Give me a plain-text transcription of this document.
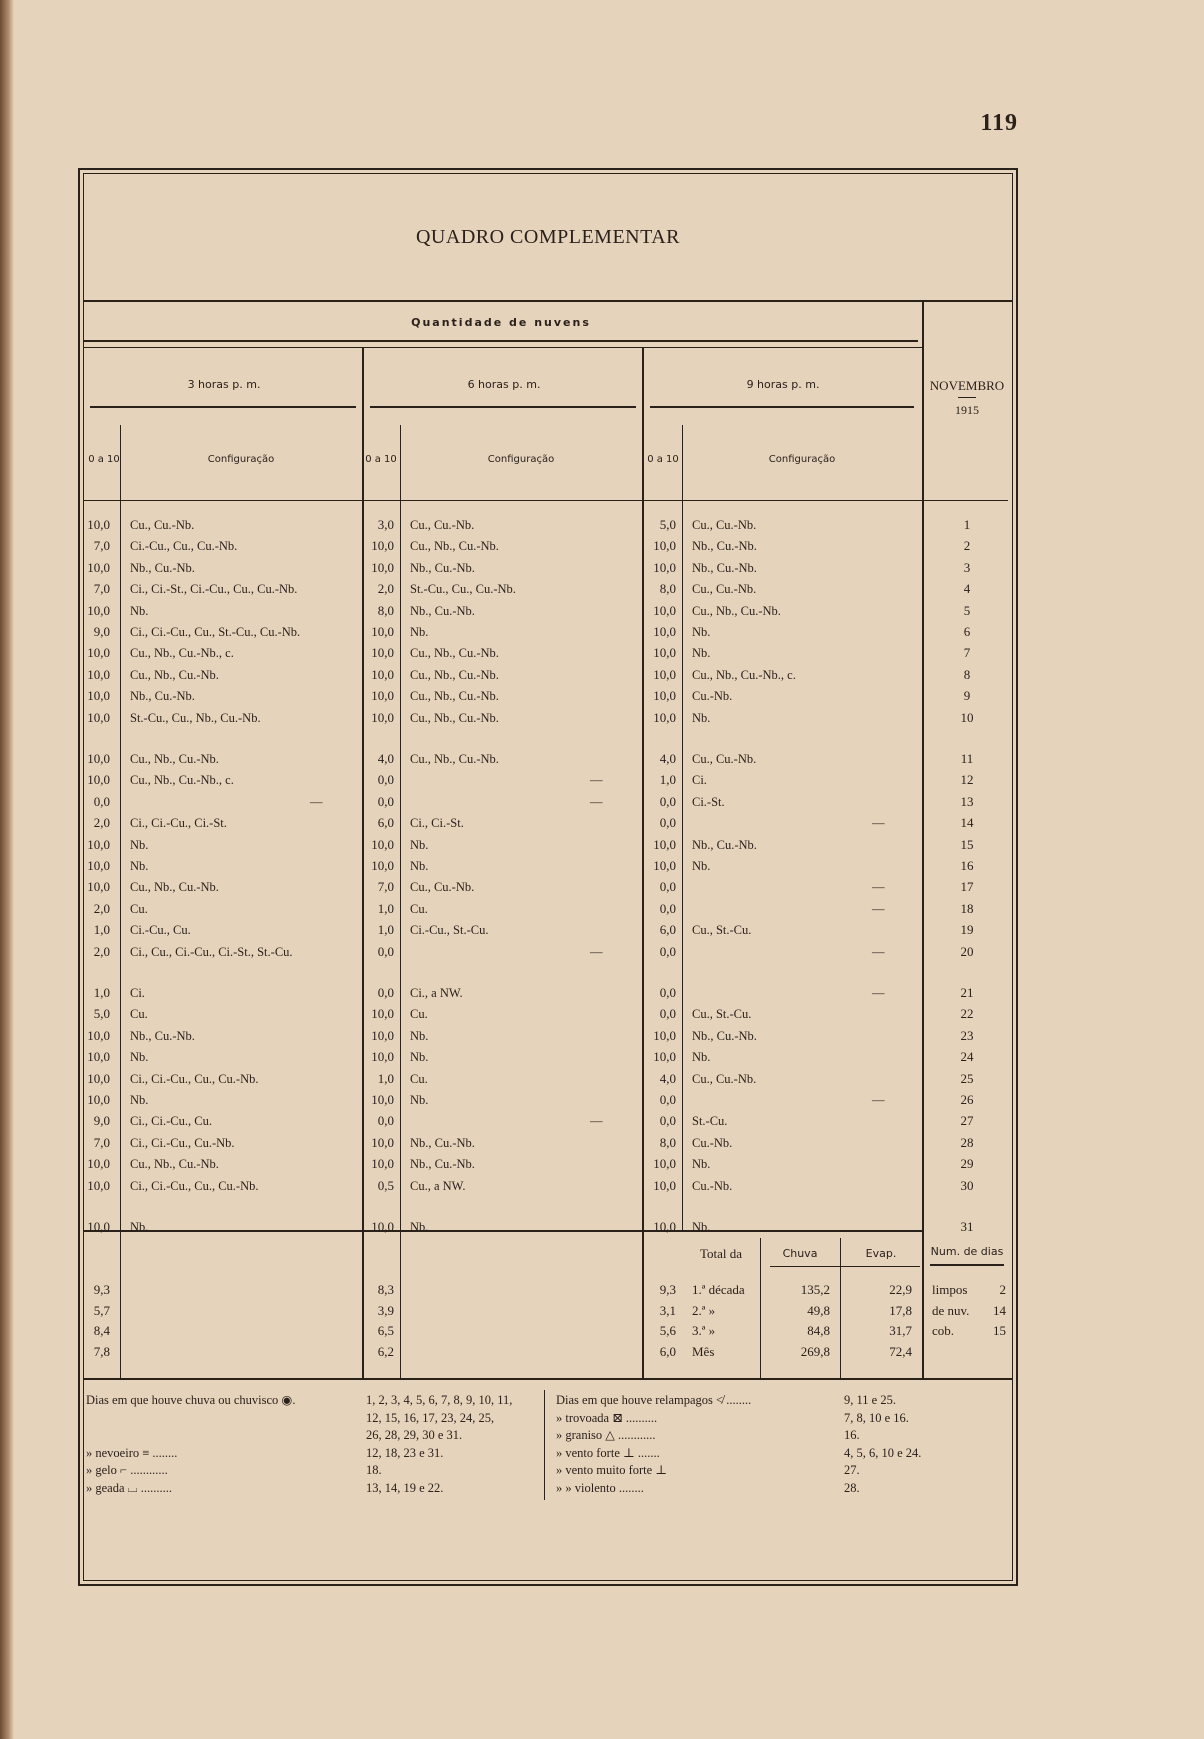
119
QUADRO COMPLEMENTAR
Quantidade de nuvens
3 horas p. m.	6 horas p. m.	9 horas p. m.
0 a 10	0 a 10	0 a 10
Configuração	Configuração	Configuração
NOVEMBRO
1915
10,0 Cu., Cu.-Nb.	3,0 Cu., Cu.-Nb.	5,0 Cu., Cu.-Nb.	1
7,0 Ci.-Cu., Cu., Cu.-Nb.	10,0 Cu., Nb., Cu.-Nb.	10,0 Nb., Cu.-Nb.	2
10,0 Nb., Cu.-Nb.	10,0 Nb., Cu.-Nb.	10,0 Nb., Cu.-Nb.	3
7,0 Ci., Ci.-St., Ci.-Cu., Cu., Cu.-Nb.	2,0 St.-Cu., Cu., Cu.-Nb.	8,0 Cu., Cu.-Nb.	4
10,0 Nb.	8,0 Nb., Cu.-Nb.	10,0 Cu., Nb., Cu.-Nb.	5
9,0 Ci., Ci.-Cu., Cu., St.-Cu., Cu.-Nb.	10,0 Nb.	10,0 Nb.	6
10,0 Cu., Nb., Cu.-Nb., c.	10,0 Cu., Nb., Cu.-Nb.	10,0 Nb.	7
10,0 Cu., Nb., Cu.-Nb.	10,0 Cu., Nb., Cu.-Nb.	10,0 Cu., Nb., Cu.-Nb., c.	8
10,0 Nb., Cu.-Nb.	10,0 Cu., Nb., Cu.-Nb.	10,0 Cu.-Nb.	9
10,0 St.-Cu., Cu., Nb., Cu.-Nb.	10,0 Cu., Nb., Cu.-Nb.	10,0 Nb.	10
10,0 Cu., Nb., Cu.-Nb.	4,0 Cu., Nb., Cu.-Nb.	4,0 Cu., Cu.-Nb.	11
10,0 Cu., Nb., Cu.-Nb., c.	0,0	—	1,0 Ci.	12
0,0	—	0,0	—	0,0 Ci.-St.	13
2,0 Ci., Ci.-Cu., Ci.-St.	6,0 Ci., Ci.-St.	0,0	—	14
10,0 Nb.	10,0 Nb.	10,0 Nb., Cu.-Nb.	15
10,0 Nb.	10,0 Nb.	10,0 Nb.	16
10,0 Cu., Nb., Cu.-Nb.	7,0 Cu., Cu.-Nb.	0,0	—	17
2,0 Cu.	1,0 Cu.	0,0	—	18
1,0 Ci.-Cu., Cu.	1,0 Ci.-Cu., St.-Cu.	6,0 Cu., St.-Cu.	19
2,0 Ci., Cu., Ci.-Cu., Ci.-St., St.-Cu.	0,0	—	0,0	—	20
1,0 Ci.	0,0 Ci., a NW.	0,0	—	21
5,0 Cu.	10,0 Cu.	0,0 Cu., St.-Cu.	22
10,0 Nb., Cu.-Nb.	10,0 Nb.	10,0 Nb., Cu.-Nb.	23
10,0 Nb.	10,0 Nb.	10,0 Nb.	24
10,0 Ci., Ci.-Cu., Cu., Cu.-Nb.	1,0 Cu.	4,0 Cu., Cu.-Nb.	25
10,0 Nb.	10,0 Nb.	0,0	—	26
9,0 Ci., Ci.-Cu., Cu.	0,0	—	0,0 St.-Cu.	27
7,0 Ci., Ci.-Cu., Cu.-Nb.	10,0 Nb., Cu.-Nb.	8,0 Cu.-Nb.	28
10,0 Cu., Nb., Cu.-Nb.	10,0 Nb., Cu.-Nb.	10,0 Nb.	29
10,0 Ci., Ci.-Cu., Cu., Cu.-Nb.	0,5 Cu., a NW.	10,0 Cu.-Nb.	30
10,0 Nb.	10,0 Nb.	10,0 Nb.	31
Total da	Chuva	Evap.	Num. de dias
9,3	8,3	9,3 1.ª década	135,2	22,9 limpos	2
5,7	3,9	3,1 2.ª »	49,8	17,8 de nuv.	14
8,4	6,5	5,6 3.ª »	84,8	31,7 cob.	15
7,8	6,2	6,0 Mês	269,8	72,4
Dias em que houve chuva ou chuvisco ◉.	1, 2, 3, 4, 5, 6, 7, 8, 9, 10, 11,
12, 15, 16, 17, 23, 24, 25,
26, 28, 29, 30 e 31.
» nevoeiro ≡ ........	12, 18, 23 e 31.
» gelo ⌐ ............	18.
» geada ⌴ ..........	13, 14, 19 e 22.
Dias em que houve relampagos ≮ ........	9, 11 e 25.
» trovoada ⊠ ..........	7, 8, 10 e 16.
» graniso △ ............	16.
» vento forte ⊥ .......	4, 5, 6, 10 e 24.
» vento muito forte ⊥	27.
» » violento ........	28.
